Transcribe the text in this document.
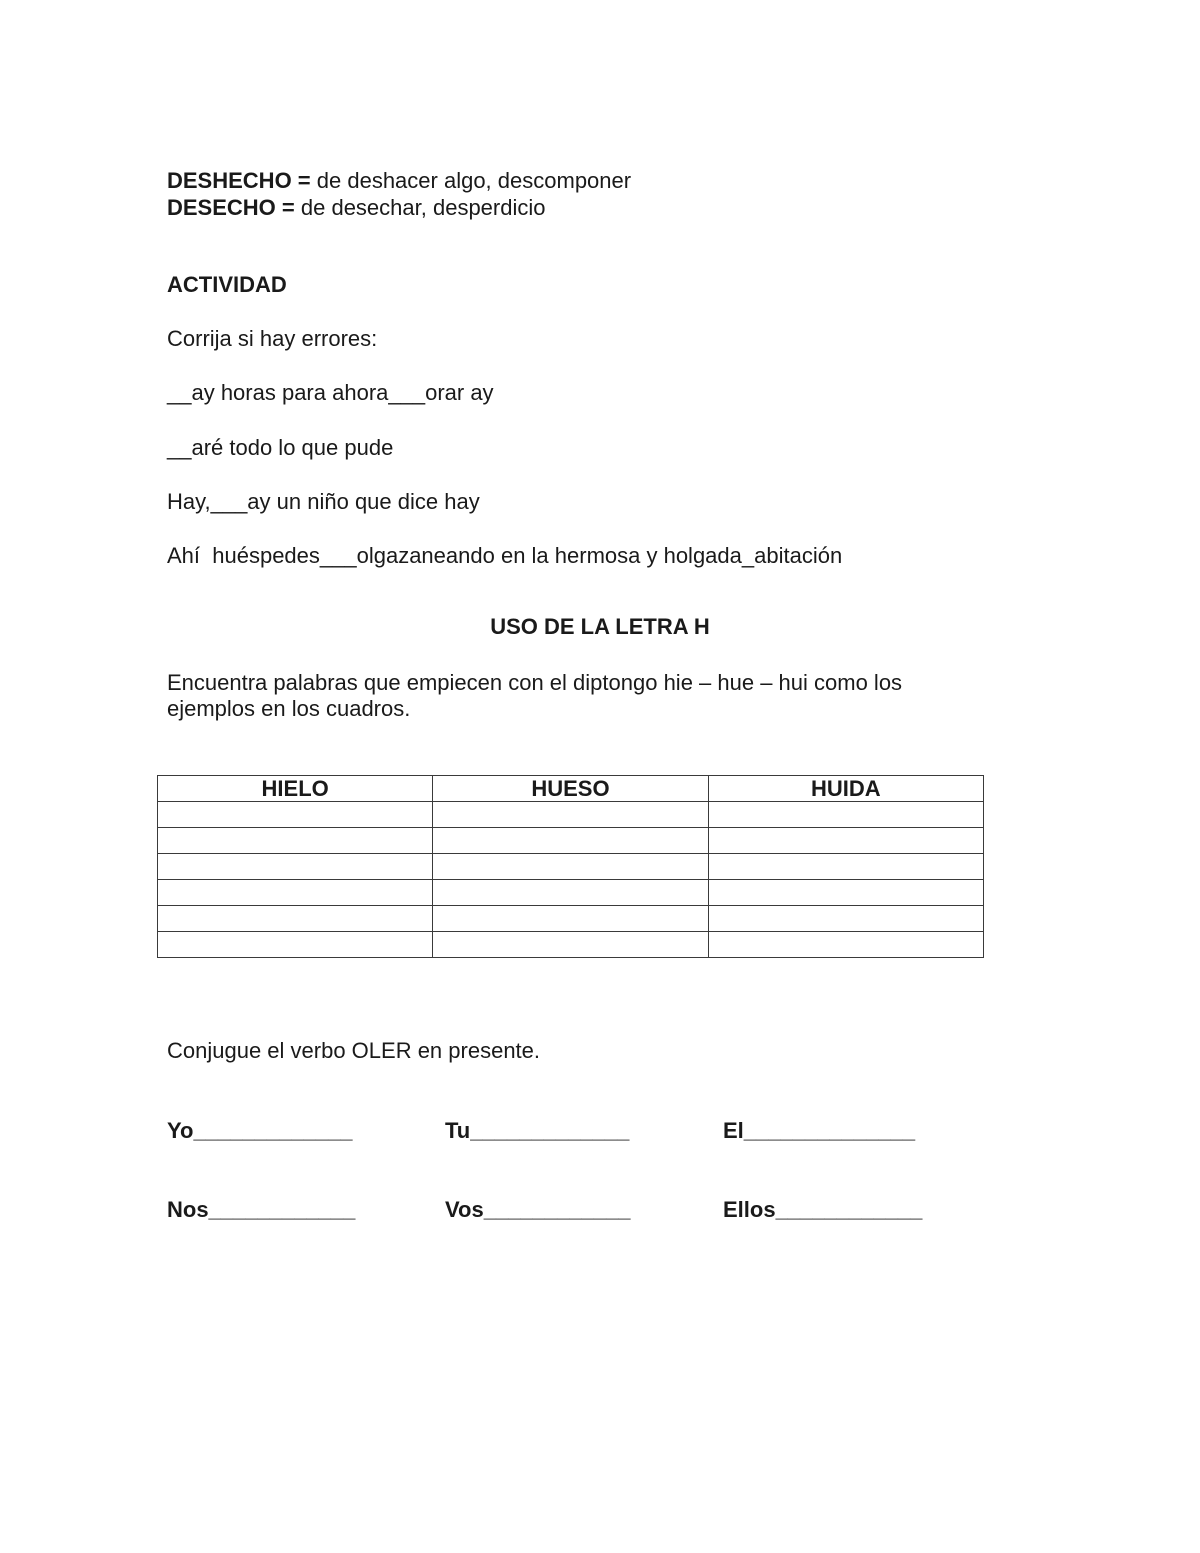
DESHECHO = de deshacer algo, descomponer
DESECHO = de desechar, desperdicio
ACTIVIDAD
Corrija si hay errores:
__ay horas para ahora___orar ay
__aré todo lo que pude
Hay,___ay un niño que dice hay
Ahí  huéspedes___olgazaneando en la hermosa y holgada_abitación
USO DE LA LETRA H
Encuentra palabras que empiecen con el diptongo hie – hue – hui como los
ejemplos en los cuadros.
HIELO	HUESO	HUIDA

Conjugue el verbo OLER en presente.
Yo_____________	Tu_____________	El______________
Nos____________	Vos____________	Ellos____________
